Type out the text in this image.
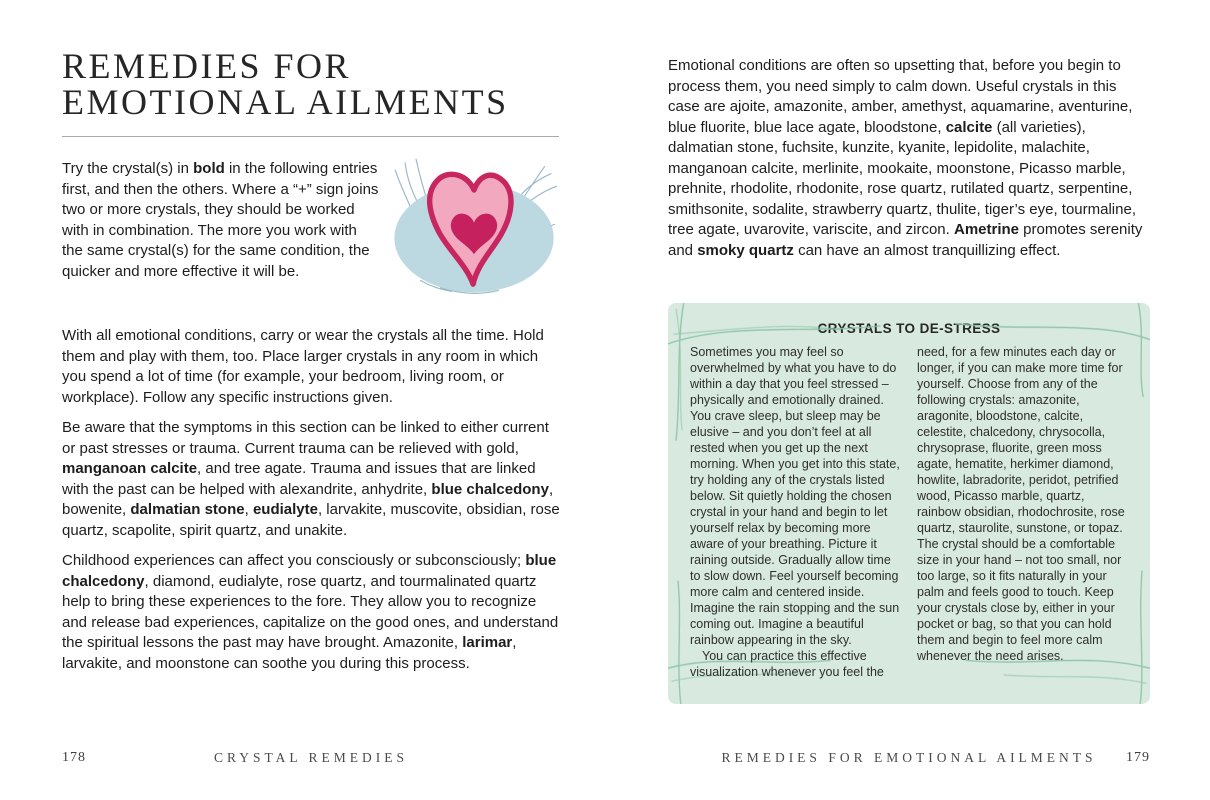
REMEDIES FOR
EMOTIONAL AILMENTS

Try the crystal(s) in bold in the following entries first, and then the others. Where a “+” sign joins two or more crystals, they should be worked with in combination. The more you work with the same crystal(s) for the same condition, the quicker and more effective it will be.

With all emotional conditions, carry or wear the crystals all the time. Hold them and play with them, too. Place larger crystals in any room in which you spend a lot of time (for example, your bedroom, living room, or workplace). Follow any specific instructions given.

Be aware that the symptoms in this section can be linked to either current or past stresses or trauma. Current trauma can be relieved with gold, manganoan calcite, and tree agate. Trauma and issues that are linked with the past can be helped with alexandrite, anhydrite, blue chalcedony, bowenite, dalmatian stone, eudialyte, larvakite, muscovite, obsidian, rose quartz, scapolite, spirit quartz, and unakite.

Childhood experiences can affect you consciously or subconsciously; blue chalcedony, diamond, eudialyte, rose quartz, and tourmalinated quartz help to bring these experiences to the fore. They allow you to recognize and release bad experiences, capitalize on the good ones, and understand the spiritual lessons the past may have brought. Amazonite, larimar, larvakite, and moonstone can soothe you during this process.

Emotional conditions are often so upsetting that, before you begin to process them, you need simply to calm down. Useful crystals in this case are ajoite, amazonite, amber, amethyst, aquamarine, aventurine, blue fluorite, blue lace agate, bloodstone, calcite (all varieties), dalmatian stone, fuchsite, kunzite, kyanite, lepidolite, malachite, manganoan calcite, merlinite, mookaite, moonstone, Picasso marble, prehnite, rhodolite, rhodonite, rose quartz, rutilated quartz, serpentine, smithsonite, sodalite, strawberry quartz, thulite, tiger’s eye, tourmaline, tree agate, uvarovite, variscite, and zircon. Ametrine promotes serenity and smoky quartz can have an almost tranquillizing effect.

CRYSTALS TO DE-STRESS

Sometimes you may feel so overwhelmed by what you have to do within a day that you feel stressed – physically and emotionally drained. You crave sleep, but sleep may be elusive – and you don’t feel at all rested when you get up the next morning. When you get into this state, try holding any of the crystals listed below. Sit quietly holding the chosen crystal in your hand and begin to let yourself relax by becoming more aware of your breathing. Picture it raining outside. Gradually allow time to slow down. Feel yourself becoming more calm and centered inside. Imagine the rain stopping and the sun coming out. Imagine a beautiful rainbow appearing in the sky.

You can practice this effective visualization whenever you feel the

need, for a few minutes each day or longer, if you can make more time for yourself. Choose from any of the following crystals: amazonite, aragonite, bloodstone, calcite, celestite, chalcedony, chrysocolla, chrysoprase, fluorite, green moss agate, hematite, herkimer diamond, howlite, labradorite, peridot, petrified wood, Picasso marble, quartz, rainbow obsidian, rhodochrosite, rose quartz, staurolite, sunstone, or topaz. The crystal should be a comfortable size in your hand – not too small, nor too large, so it fits naturally in your palm and feels good to touch. Keep your crystals close by, either in your pocket or bag, so that you can hold them and begin to feel more calm whenever the need arises.

178	CRYSTAL REMEDIES	REMEDIES FOR EMOTIONAL AILMENTS	179
